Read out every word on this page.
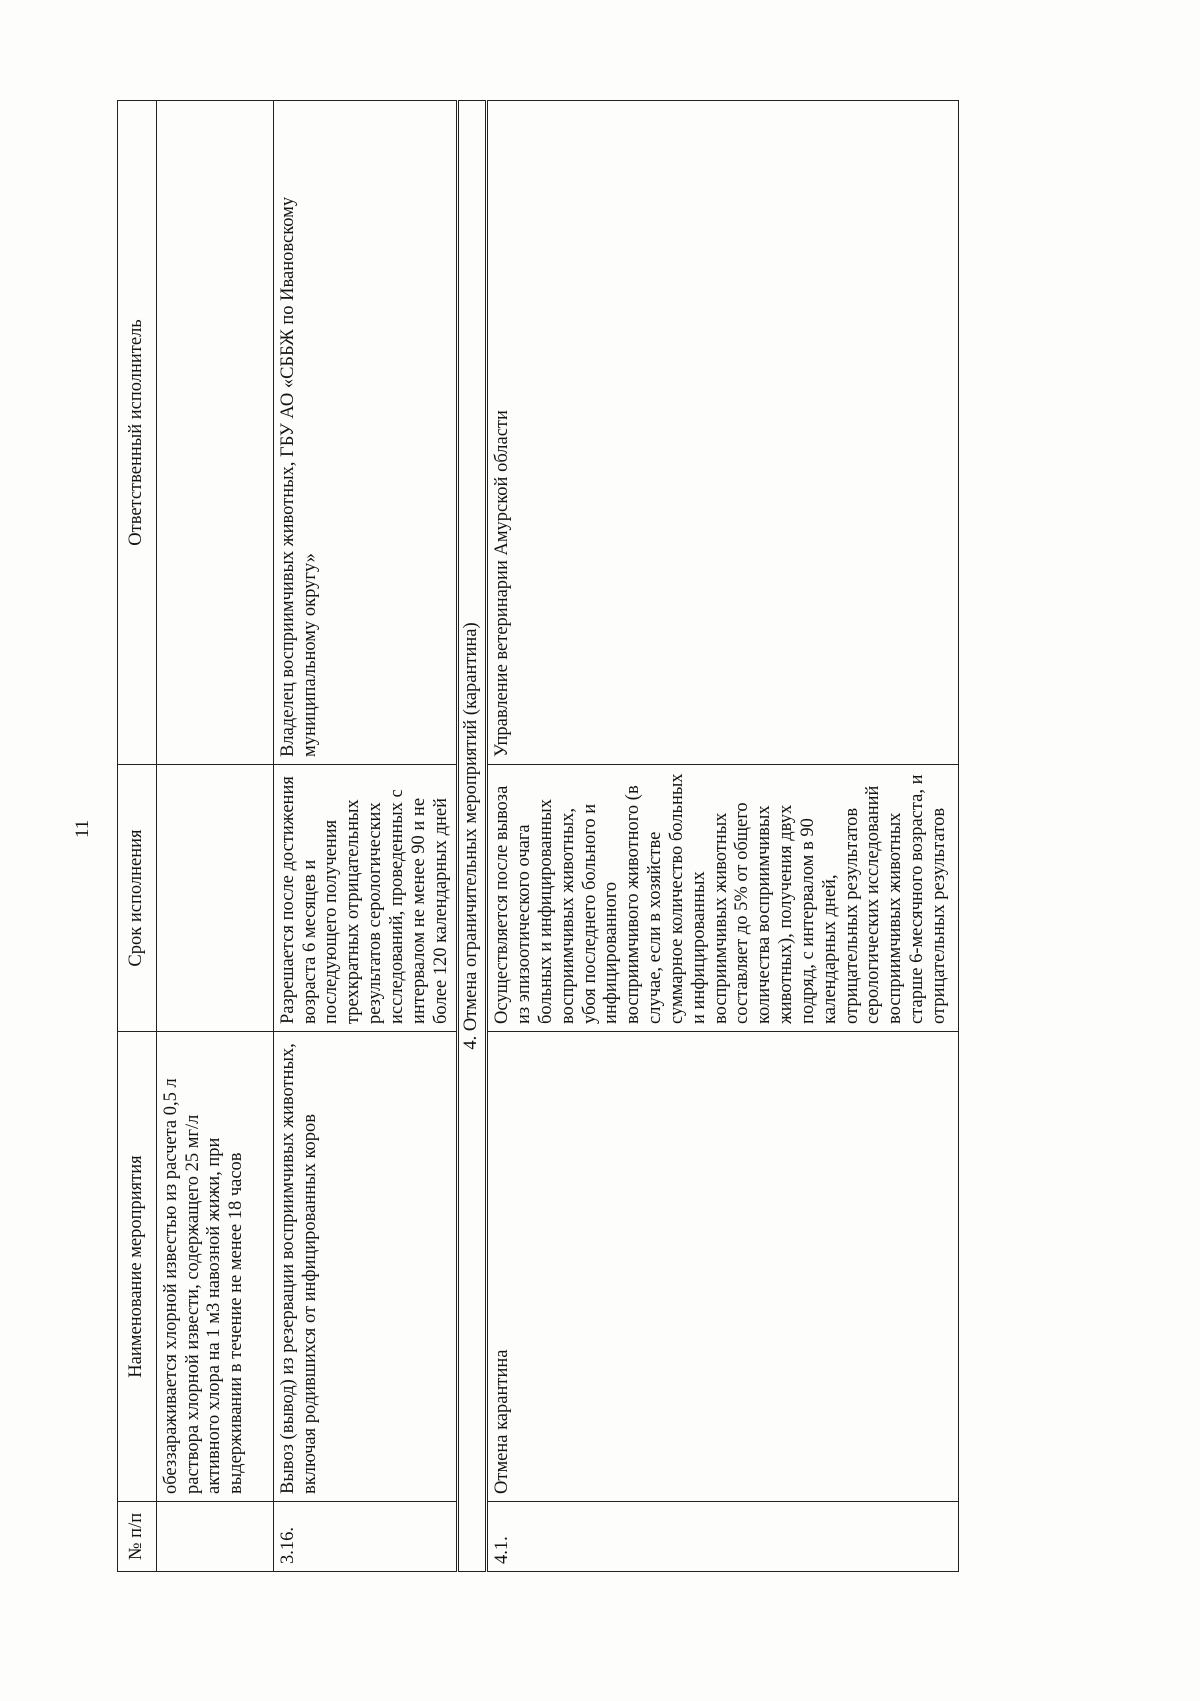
11
№ п/п	Наименование мероприятия	Срок исполнения	Ответственный исполнитель
	обеззараживается хлорной известью из расчета 0,5 л раствора хлорной извести, содержащего 25 мг/л активного хлора на 1 м3 навозной жижи, при выдерживании в течение не менее 18 часов		
3.16.	Вывоз (вывод) из резервации восприимчивых животных, включая родившихся от инфицированных коров	Разрешается после достижения возраста 6 месяцев и последующего получения трехкратных отрицательных результатов серологических исследований, проведенных с интервалом не менее 90 и не более 120 календарных дней	Владелец восприимчивых животных, ГБУ АО «СББЖ по Ивановскому муниципальному округу»
4. Отмена ограничительных мероприятий (карантина)			
4.1.	Отмена карантина	Осуществляется после вывоза из эпизоотического очага больных и инфицированных восприимчивых животных, убоя последнего больного и инфицированного восприимчивого животного (в случае, если в хозяйстве суммарное количество больных и инфицированных восприимчивых животных составляет до 5% от общего количества восприимчивых животных), получения двух подряд, с интервалом в 90 календарных дней, отрицательных результатов серологических исследований восприимчивых животных старше 6-месячного возраста, и отрицательных результатов	Управление ветеринарии Амурской области
